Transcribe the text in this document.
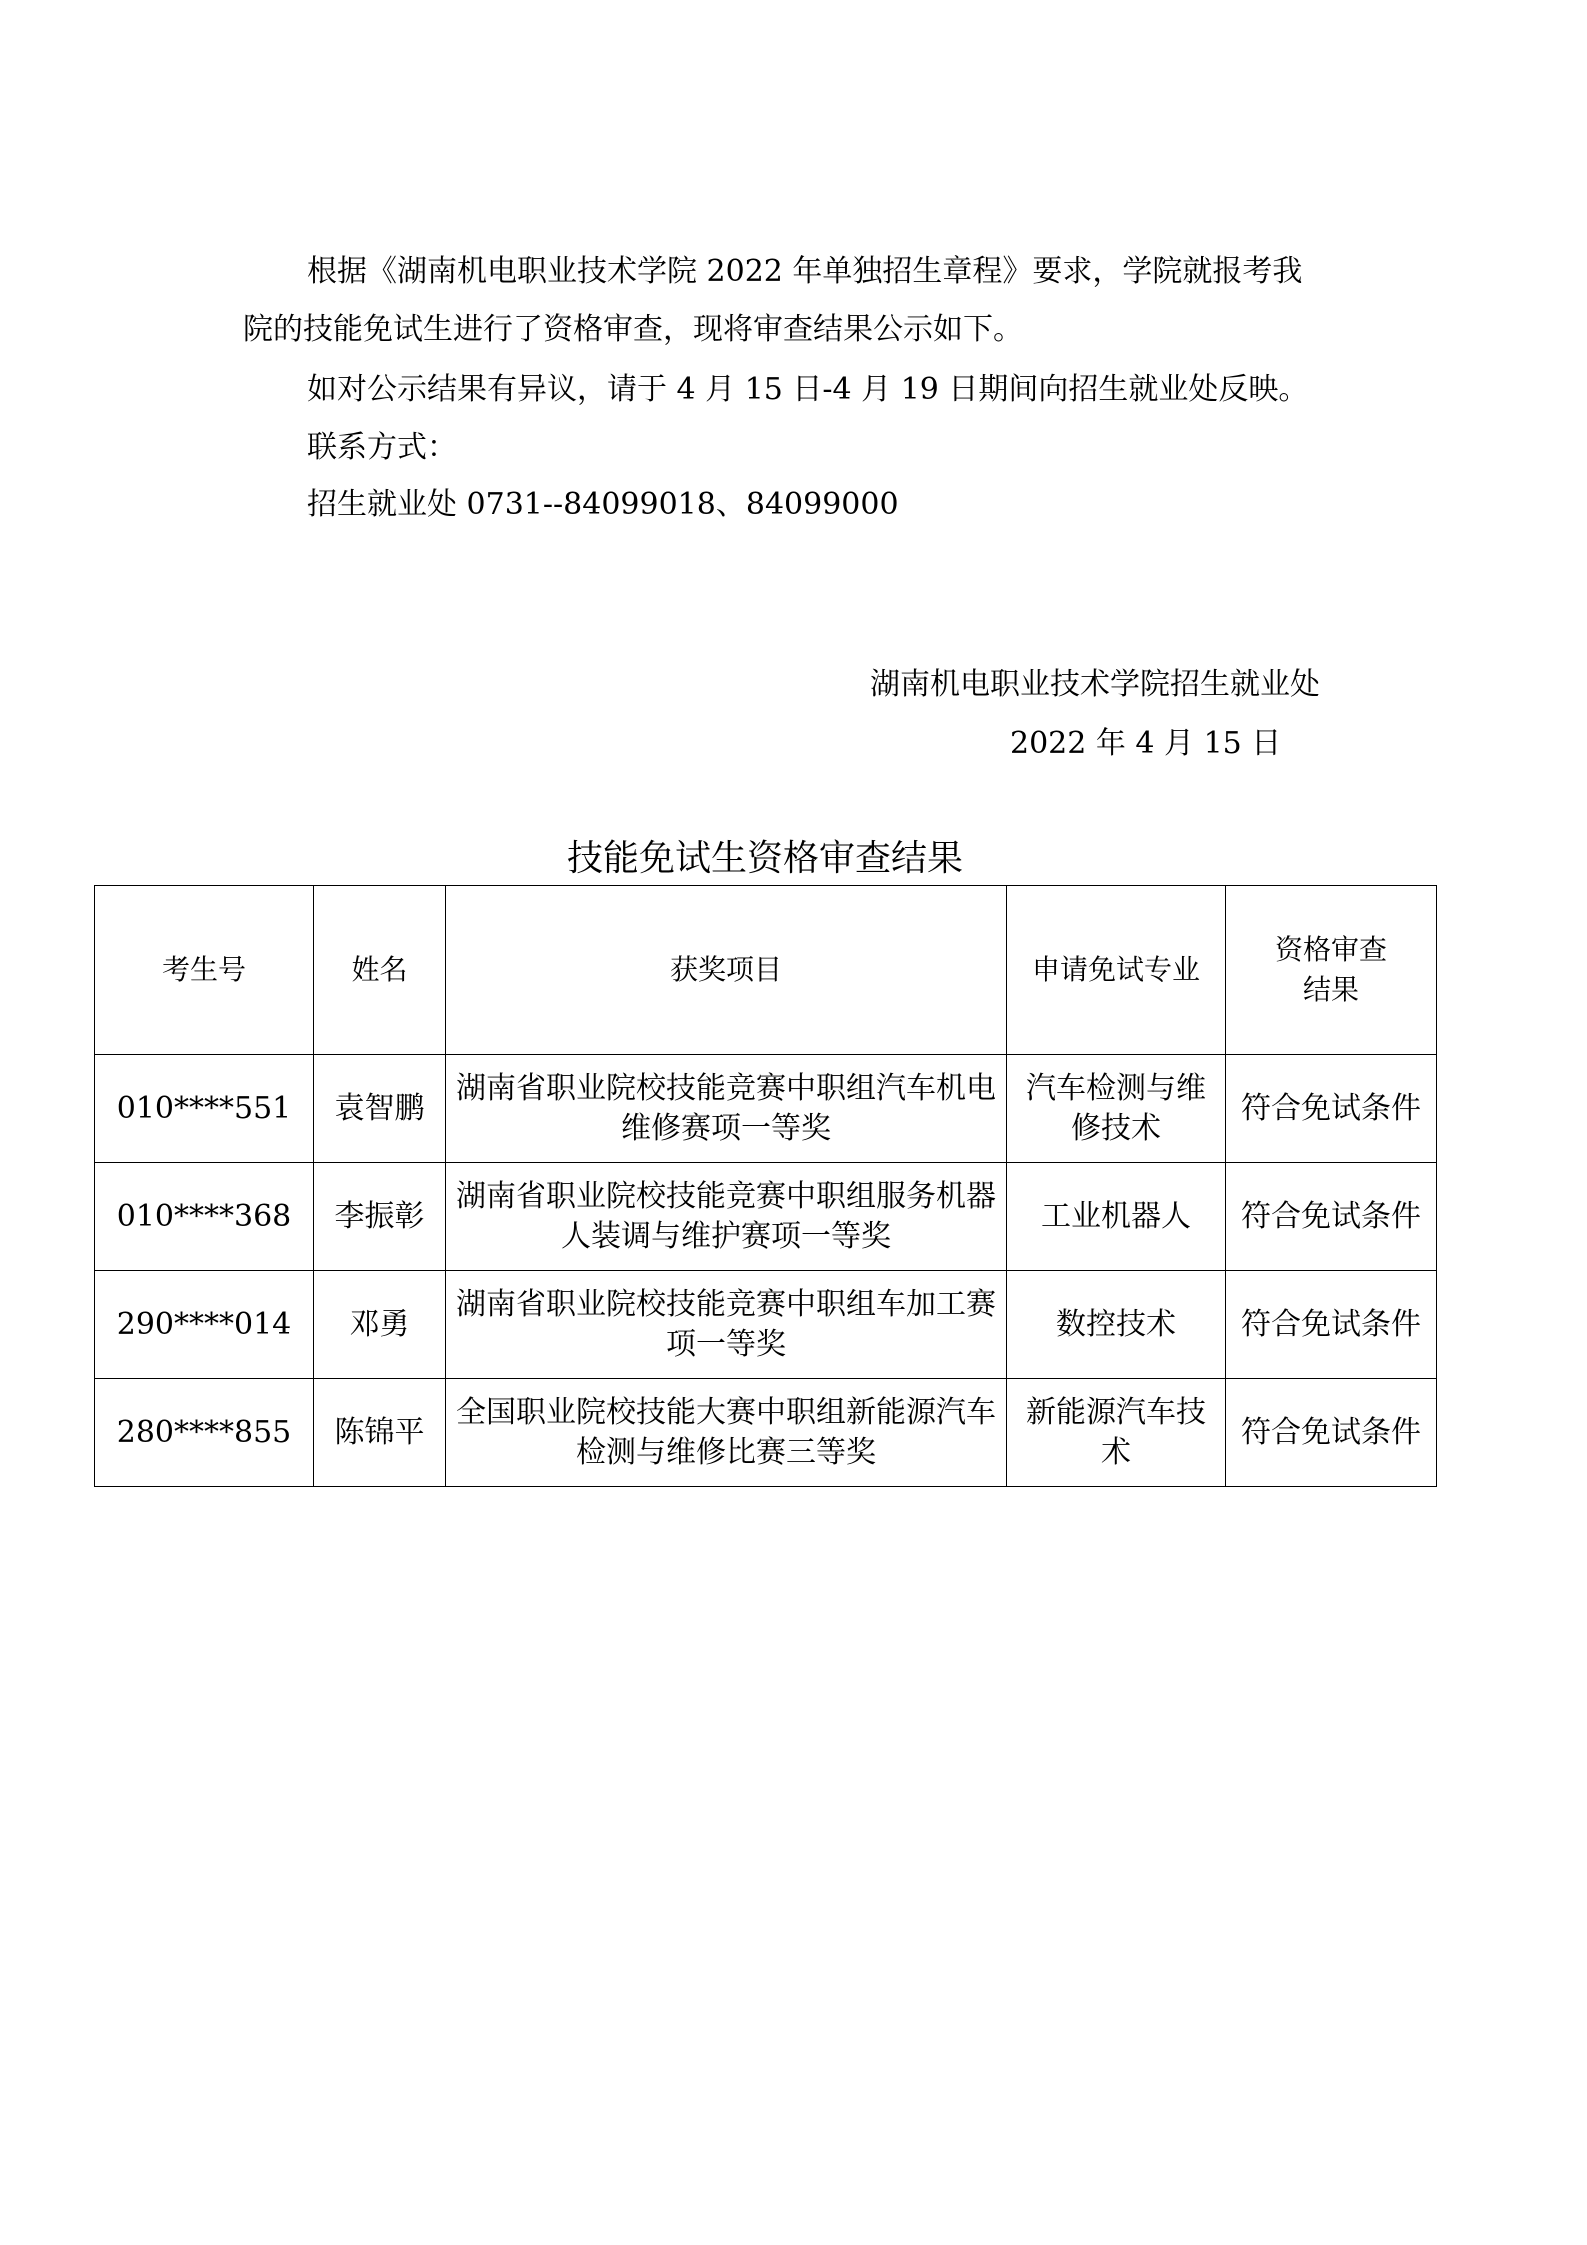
根据《湖南机电职业技术学院 2022 年单独招生章程》要求，学院就报考我
院的技能免试生进行了资格审查，现将审查结果公示如下。
如对公示结果有异议，请于 4 月 15 日-4 月 19 日期间向招生就业处反映。
联系方式：
招生就业处 0731--84099018、84099000
湖南机电职业技术学院招生就业处
2022 年 4 月 15 日
技能免试生资格审查结果
考生号	姓名	获奖项目	申请免试专业	资格审查
结果

010****551	袁智鹏	湖南省职业院校技能竞赛中职组汽车机电维修赛项一等奖	汽车检测与维修技术	符合免试条件
010****368	李振彰	湖南省职业院校技能竞赛中职组服务机器人装调与维护赛项一等奖	工业机器人	符合免试条件
290****014	邓勇	湖南省职业院校技能竞赛中职组车加工赛项一等奖	数控技术	符合免试条件
280****855	陈锦平	全国职业院校技能大赛中职组新能源汽车检测与维修比赛三等奖	新能源汽车技术	符合免试条件
